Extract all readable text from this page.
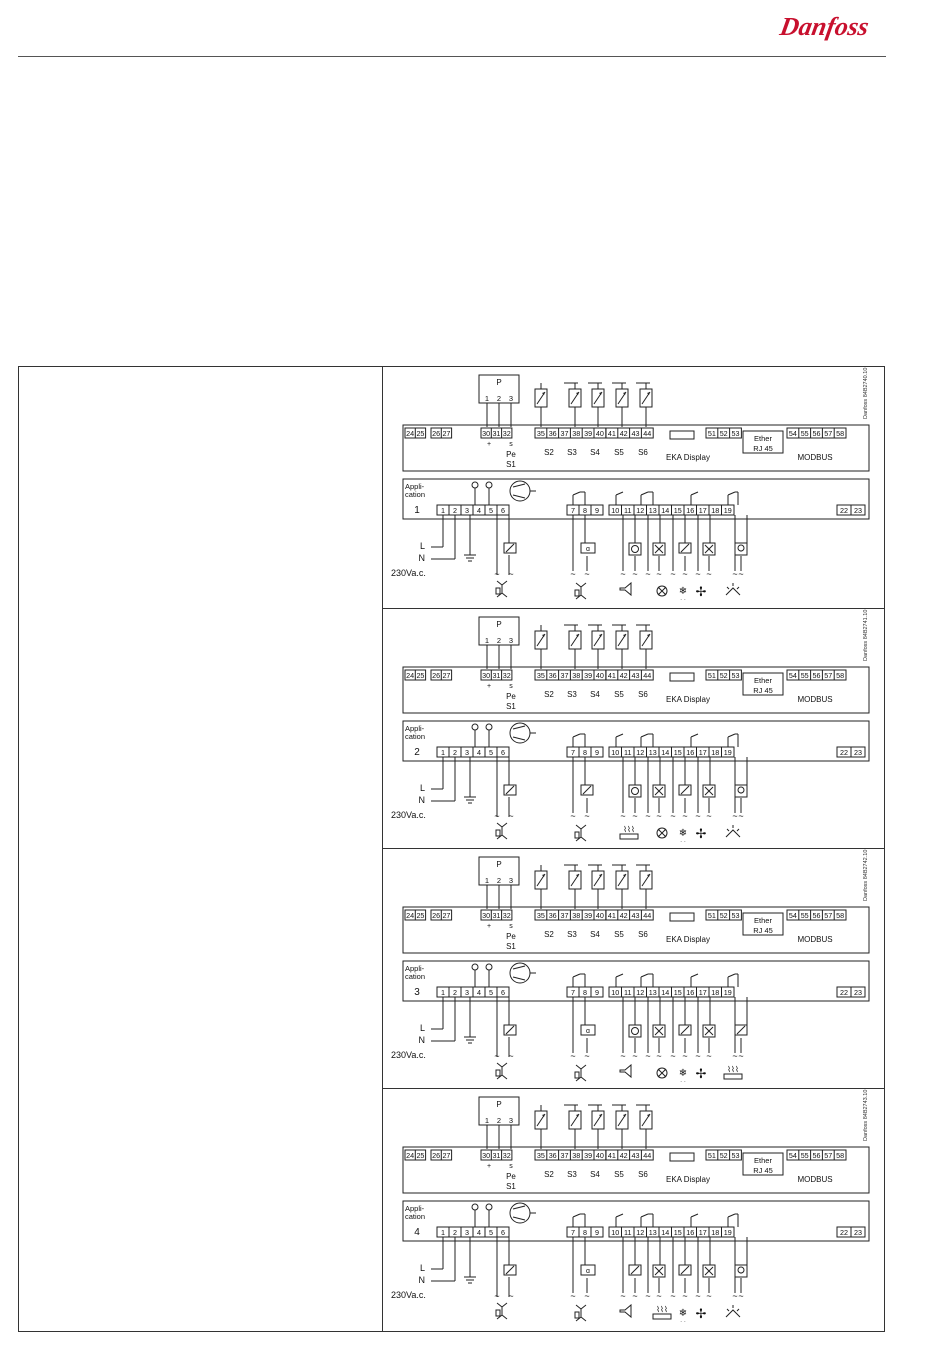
Danfoss
P
1 2 3
24 25 26 27	30 31 32	35 36 37 38 39 40 41 42 43 44	51 52 53	54 55 56 57 58
+	s
Pe
S1
S2 S3 S4 S5 S6
EKA Display
Ether
RJ 45
MODBUS
Danfoss 84B2740.10
Appli-
cation
1	1 2 3 4 5 6	7 8 9 10 11 12 13 14 15 16 17 18 19	22 23
L
N
230Va.c.	~ ~
ɑ
~ ~	~ ~ ~ ~ ~ ~
❄
· ·
~ ~
✢
~ ~
P
1 2 3
24 25 26 27	30 31 32	35 36 37 38 39 40 41 42 43 44	51 52 53	54 55 56 57 58
+	s
Pe
S1
S2 S3 S4 S5 S6
EKA Display
Ether
RJ 45
MODBUS
Danfoss 84B2741.10
Appli-
cation
2	1 2 3 4 5 6	7 8 9 10 11 12 13 14 15 16 17 18 19	22 23
L
N
230Va.c.	~ ~	~ ~	~ ~
⌇⌇⌇
~ ~ ~ ~
❄
· ·
~ ~
✢
~ ~
P
1 2 3
24 25 26 27	30 31 32	35 36 37 38 39 40 41 42 43 44	51 52 53	54 55 56 57 58
+	s
Pe
S1
S2 S3 S4 S5 S6
EKA Display
Ether
RJ 45
MODBUS
Danfoss 84B2742.10
Appli-
cation
3	1 2 3 4 5 6	7 8 9 10 11 12 13 14 15 16 17 18 19	22 23
L
N
230Va.c.	~ ~
ɑ
~ ~	~ ~ ~ ~ ~ ~
❄
· ·
~ ~
✢
~ ~
⌇⌇⌇
P
1 2 3
24 25 26 27	30 31 32	35 36 37 38 39 40 41 42 43 44	51 52 53	54 55 56 57 58
+	s
Pe
S1
S2 S3 S4 S5 S6
EKA Display
Ether
RJ 45
MODBUS
Danfoss 84B2743.10
Appli-
cation
4	1 2 3 4 5 6	7 8 9 10 11 12 13 14 15 16 17 18 19	22 23
L
N
230Va.c.	~ ~
ɑ
~ ~	~ ~ ~ ~
⌇⌇⌇
~ ~
❄
· ·
~ ~
✢
~ ~
